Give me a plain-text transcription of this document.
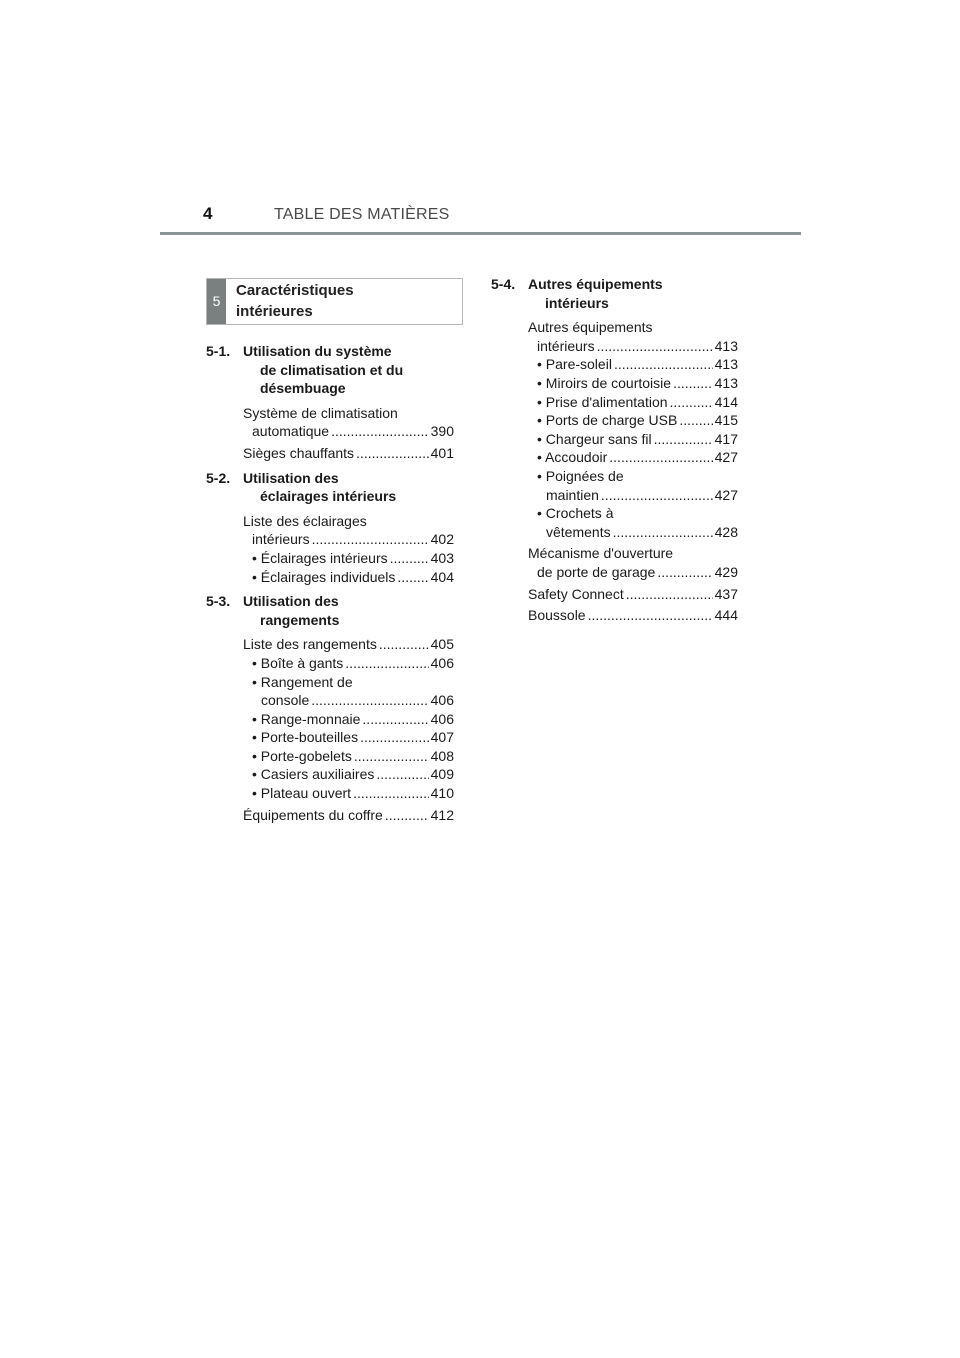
4	TABLE DES MATIÈRES
5
Caractéristiques
intérieures
5-1. Utilisation du système
de climatisation et du
désembuage
Système de climatisation
automatique .....	390
Sièges chauffants .....	401
5-2. Utilisation des
éclairages intérieurs
Liste des éclairages
intérieurs .....	402
• Éclairages intérieurs .....	403
• Éclairages individuels .....	404
5-3. Utilisation des
rangements
Liste des rangements .....	405
• Boîte à gants .....	406
• Rangement de
console .....	406
• Range-monnaie .....	406
• Porte-bouteilles .....	407
• Porte-gobelets .....	408
• Casiers auxiliaires .....	409
• Plateau ouvert .....	410
Équipements du coffre .....	412
5-4. Autres équipements
intérieurs
Autres équipements
intérieurs .....	413
• Pare-soleil .....	413
• Miroirs de courtoisie .....	413
• Prise d'alimentation .....	414
• Ports de charge USB .....	415
• Chargeur sans fil .....	417
• Accoudoir .....	427
• Poignées de
maintien .....	427
• Crochets à
vêtements .....	428
Mécanisme d'ouverture
de porte de garage .....	429
Safety Connect .....	437
Boussole .....	444
